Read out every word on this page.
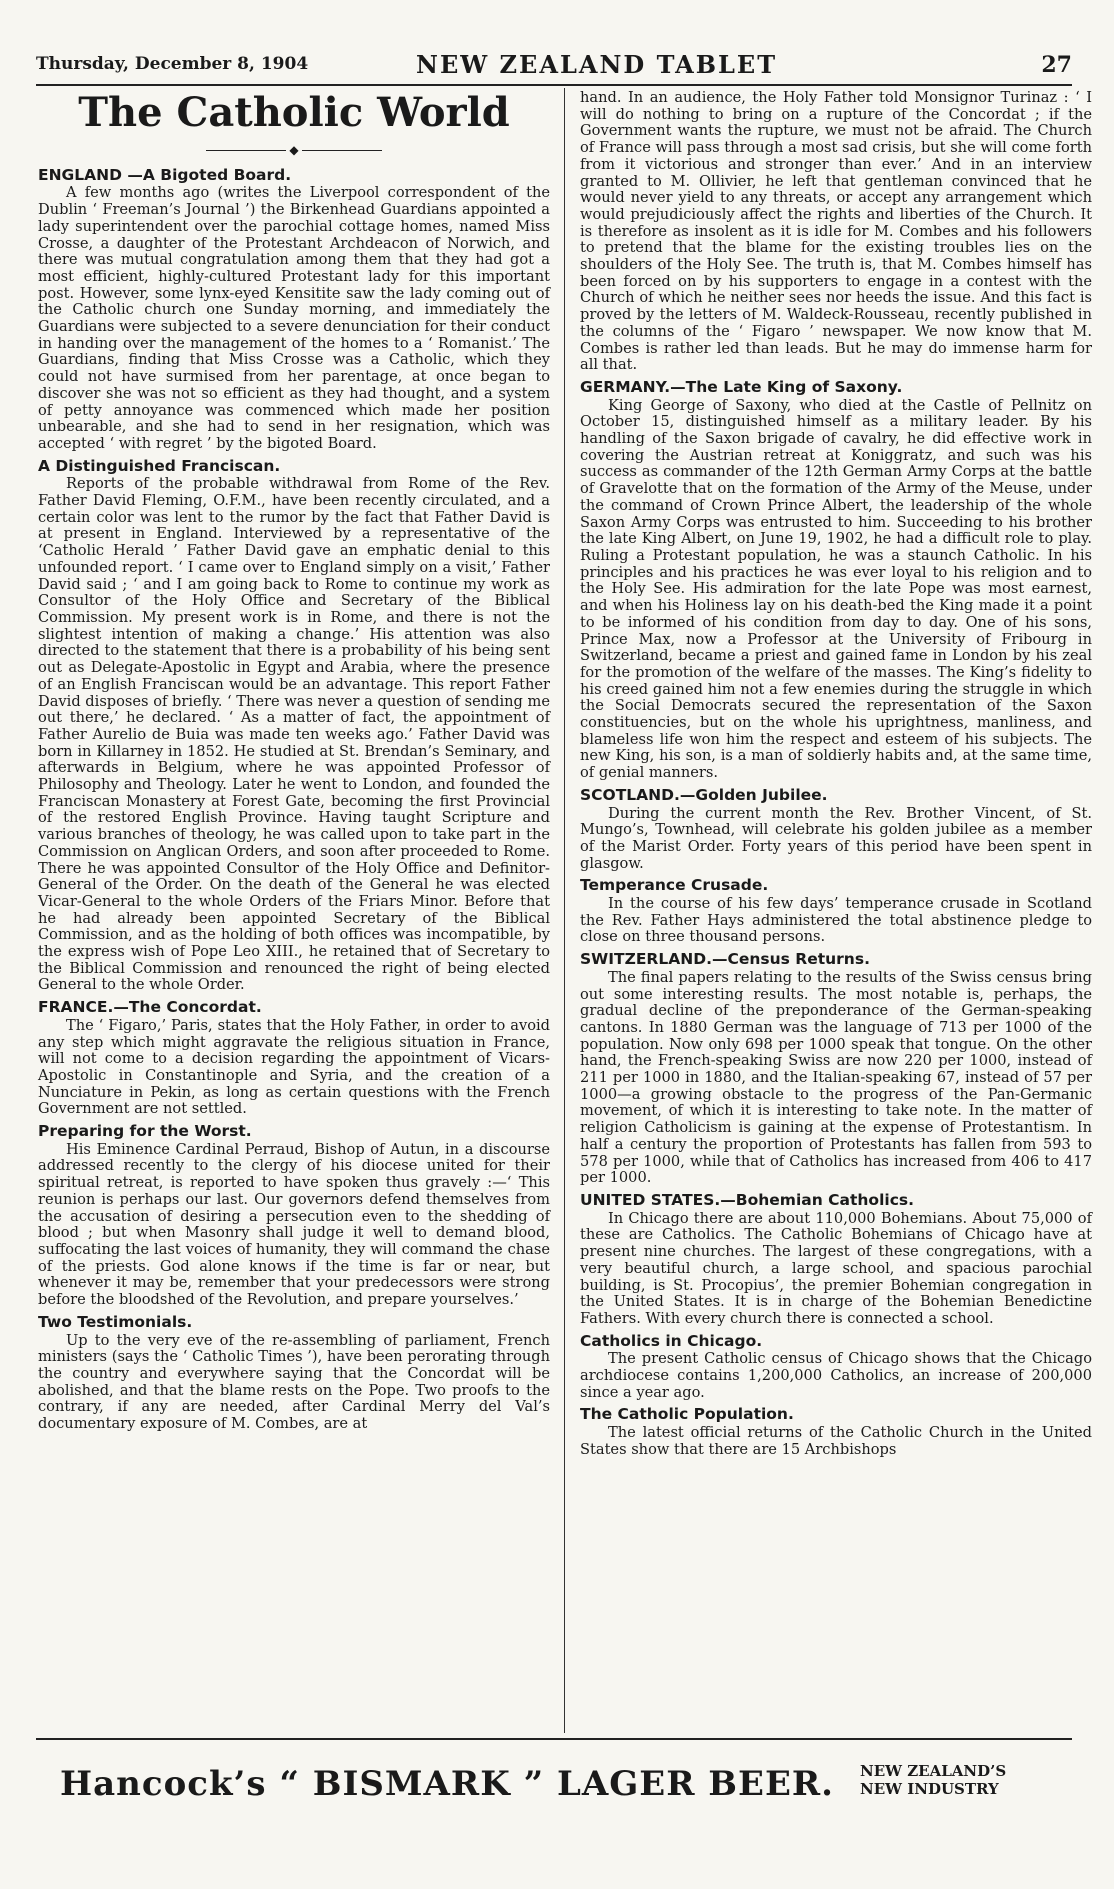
Thursday, December 8, 1904	NEW ZEALAND TABLET	27
The Catholic World
◆
ENGLAND —A Bigoted Board.

A few months ago (writes the Liverpool correspondent of the Dublin ‘ Freeman’s Journal ’) the Birkenhead Guardians appointed a lady superintendent over the parochial cottage homes, named Miss Crosse, a daughter of the Protestant Archdeacon of Norwich, and there was mutual congratulation among them that they had got a most efficient, highly-cultured Protestant lady for this important post. However, some lynx-eyed Kensitite saw the lady coming out of the Catholic church one Sunday morning, and immediately the Guardians were subjected to a severe denunciation for their conduct in handing over the management of the homes to a ‘ Romanist.’ The Guardians, finding that Miss Crosse was a Catholic, which they could not have surmised from her parentage, at once began to discover she was not so efficient as they had thought, and a system of petty annoyance was commenced which made her position unbearable, and she had to send in her resignation, which was accepted ‘ with regret ’ by the bigoted Board.

A Distinguished Franciscan.

Reports of the probable withdrawal from Rome of the Rev. Father David Fleming, O.F.M., have been recently circulated, and a certain color was lent to the rumor by the fact that Father David is at present in England. Interviewed by a representative of the ‘Catholic Herald ’ Father David gave an emphatic denial to this unfounded report. ‘ I came over to England simply on a visit,’ Father David said ; ‘ and I am going back to Rome to continue my work as Consultor of the Holy Office and Secretary of the Biblical Commission. My present work is in Rome, and there is not the slightest intention of making a change.’ His attention was also directed to the statement that there is a probability of his being sent out as Delegate-Apostolic in Egypt and Arabia, where the presence of an English Franciscan would be an advantage. This report Father David disposes of briefly. ‘ There was never a question of sending me out there,’ he declared. ‘ As a matter of fact, the appointment of Father Aurelio de Buia was made ten weeks ago.’ Father David was born in Killarney in 1852. He studied at St. Brendan’s Seminary, and afterwards in Belgium, where he was appointed Professor of Philosophy and Theology. Later he went to London, and founded the Franciscan Monastery at Forest Gate, becoming the first Provincial of the restored English Province. Having taught Scripture and various branches of theology, he was called upon to take part in the Commission on Anglican Orders, and soon after proceeded to Rome. There he was appointed Consultor of the Holy Office and Definitor-General of the Order. On the death of the General he was elected Vicar-General to the whole Orders of the Friars Minor. Before that he had already been appointed Secretary of the Biblical Commission, and as the holding of both offices was incompatible, by the express wish of Pope Leo XIII., he retained that of Secretary to the Biblical Commission and renounced the right of being elected General to the whole Order.

FRANCE.—The Concordat.

The ‘ Figaro,’ Paris, states that the Holy Father, in order to avoid any step which might aggravate the religious situation in France, will not come to a decision regarding the appointment of Vicars-Apostolic in Constantinople and Syria, and the creation of a Nunciature in Pekin, as long as certain questions with the French Government are not settled.

Preparing for the Worst.

His Eminence Cardinal Perraud, Bishop of Autun, in a discourse addressed recently to the clergy of his diocese united for their spiritual retreat, is reported to have spoken thus gravely :—‘ This reunion is perhaps our last. Our governors defend themselves from the accusation of desiring a persecution even to the shedding of blood ; but when Masonry shall judge it well to demand blood, suffocating the last voices of humanity, they will command the chase of the priests. God alone knows if the time is far or near, but whenever it may be, remember that your predecessors were strong before the bloodshed of the Revolution, and prepare yourselves.’

Two Testimonials.

Up to the very eve of the re-assembling of parliament, French ministers (says the ‘ Catholic Times ’), have been perorating through the country and everywhere saying that the Concordat will be abolished, and that the blame rests on the Pope. Two proofs to the contrary, if any are needed, after Cardinal Merry del Val’s documentary exposure of M. Combes, are at

hand. In an audience, the Holy Father told Monsignor Turinaz : ‘ I will do nothing to bring on a rupture of the Concordat ; if the Government wants the rupture, we must not be afraid. The Church of France will pass through a most sad crisis, but she will come forth from it victorious and stronger than ever.’ And in an interview granted to M. Ollivier, he left that gentleman convinced that he would never yield to any threats, or accept any arrangement which would prejudiciously affect the rights and liberties of the Church. It is therefore as insolent as it is idle for M. Combes and his followers to pretend that the blame for the existing troubles lies on the shoulders of the Holy See. The truth is, that M. Combes himself has been forced on by his supporters to engage in a contest with the Church of which he neither sees nor heeds the issue. And this fact is proved by the letters of M. Waldeck-Rousseau, recently published in the columns of the ‘ Figaro ’ newspaper. We now know that M. Combes is rather led than leads. But he may do immense harm for all that.

GERMANY.—The Late King of Saxony.

King George of Saxony, who died at the Castle of Pellnitz on October 15, distinguished himself as a military leader. By his handling of the Saxon brigade of cavalry, he did effective work in covering the Austrian retreat at Koniggratz, and such was his success as commander of the 12th German Army Corps at the battle of Gravelotte that on the formation of the Army of the Meuse, under the command of Crown Prince Albert, the leadership of the whole Saxon Army Corps was entrusted to him. Succeeding to his brother the late King Albert, on June 19, 1902, he had a difficult role to play. Ruling a Protestant population, he was a staunch Catholic. In his principles and his practices he was ever loyal to his religion and to the Holy See. His admiration for the late Pope was most earnest, and when his Holiness lay on his death-bed the King made it a point to be informed of his condition from day to day. One of his sons, Prince Max, now a Professor at the University of Fribourg in Switzerland, became a priest and gained fame in London by his zeal for the promotion of the welfare of the masses. The King’s fidelity to his creed gained him not a few enemies during the struggle in which the Social Democrats secured the representation of the Saxon constituencies, but on the whole his uprightness, manliness, and blameless life won him the respect and esteem of his subjects. The new King, his son, is a man of soldierly habits and, at the same time, of genial manners.

SCOTLAND.—Golden Jubilee.

During the current month the Rev. Brother Vincent, of St. Mungo’s, Townhead, will celebrate his golden jubilee as a member of the Marist Order. Forty years of this period have been spent in glasgow.

Temperance Crusade.

In the course of his few days’ temperance crusade in Scotland the Rev. Father Hays administered the total abstinence pledge to close on three thousand persons.

SWITZERLAND.—Census Returns.

The final papers relating to the results of the Swiss census bring out some interesting results. The most notable is, perhaps, the gradual decline of the preponderance of the German-speaking cantons. In 1880 German was the language of 713 per 1000 of the population. Now only 698 per 1000 speak that tongue. On the other hand, the French-speaking Swiss are now 220 per 1000, instead of 211 per 1000 in 1880, and the Italian-speaking 67, instead of 57 per 1000—a growing obstacle to the progress of the Pan-Germanic movement, of which it is interesting to take note. In the matter of religion Catholicism is gaining at the expense of Protestantism. In half a century the proportion of Protestants has fallen from 593 to 578 per 1000, while that of Catholics has increased from 406 to 417 per 1000.

UNITED STATES.—Bohemian Catholics.

In Chicago there are about 110,000 Bohemians. About 75,000 of these are Catholics. The Catholic Bohemians of Chicago have at present nine churches. The largest of these congregations, with a very beautiful church, a large school, and spacious parochial building, is St. Procopius’, the premier Bohemian congregation in the United States. It is in charge of the Bohemian Benedictine Fathers. With every church there is connected a school.

Catholics in Chicago.

The present Catholic census of Chicago shows that the Chicago archdiocese contains 1,200,000 Catholics, an increase of 200,000 since a year ago.

The Catholic Population.

The latest official returns of the Catholic Church in the United States show that there are 15 Archbishops

Hancock’s “ BISMARK ” LAGER BEER. NEW ZEALAND’S
NEW INDUSTRY
